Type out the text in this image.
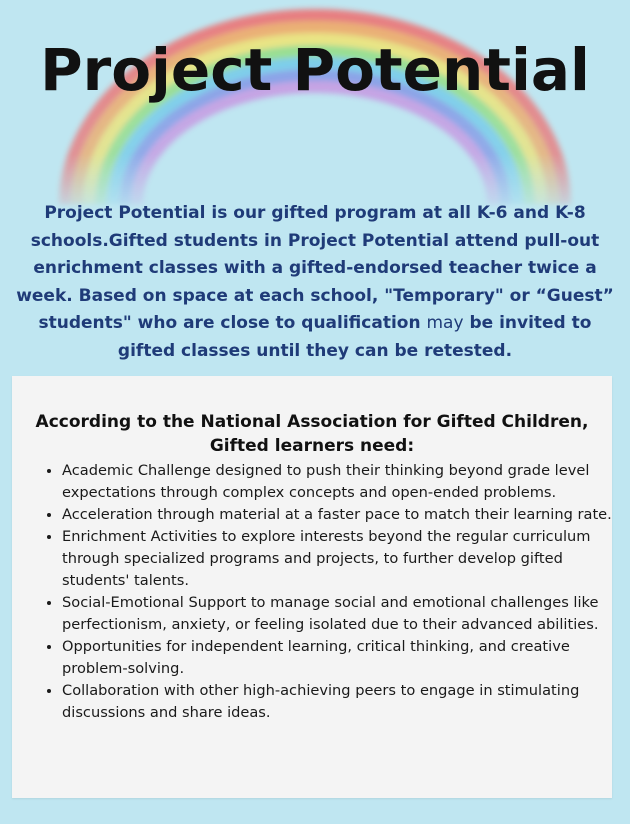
Project Potential

Project Potential is our gifted program at all K-6 and K-8 schools.Gifted students in Project Potential attend pull-out enrichment classes with a gifted-endorsed teacher twice a week. Based on space at each school, "Temporary" or “Guest” students" who are close to qualification may be invited to gifted classes until they can be retested.

According to the National Association for Gifted Children, Gifted learners need:
• Academic Challenge designed to push their thinking beyond grade level expectations through complex concepts and open-ended problems.
• Acceleration through material at a faster pace to match their learning rate.
• Enrichment Activities to explore interests beyond the regular curriculum through specialized programs and projects, to further develop gifted students' talents.
• Social-Emotional Support to manage social and emotional challenges like perfectionism, anxiety, or feeling isolated due to their advanced abilities.
• Opportunities for independent learning, critical thinking, and creative problem-solving.
• Collaboration with other high-achieving peers to engage in stimulating discussions and share ideas.
